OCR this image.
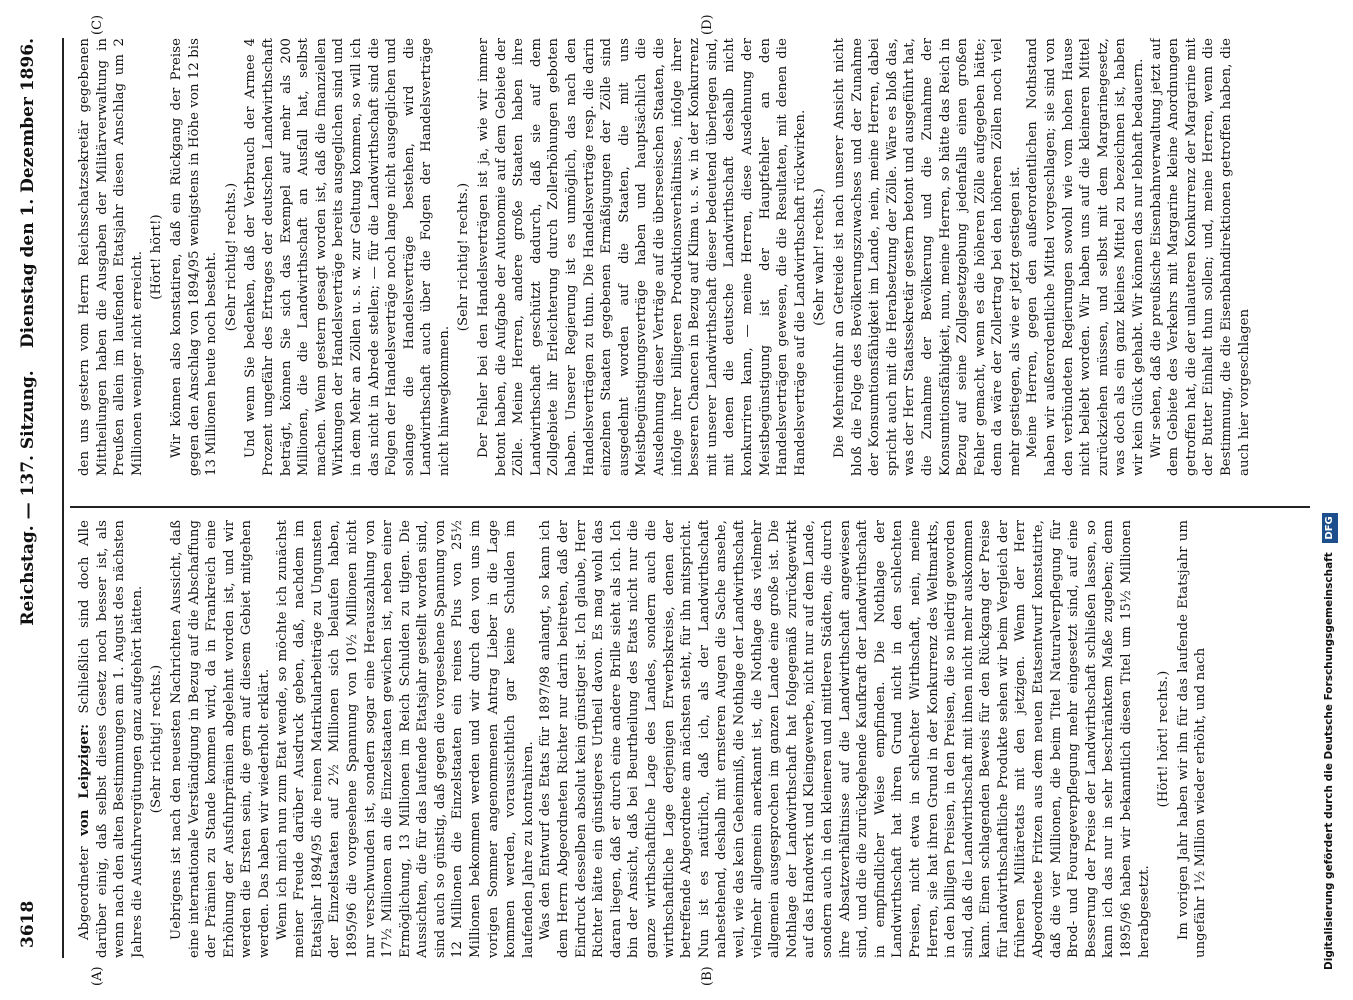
3618
Reichstag. — 137. Sitzung.
Dienstag den 1. Dezember 1896.
(A)	(B)
(C)	(D)

Abgeordneter von Leipziger: Schließlich sind doch Alle darüber einig, daß selbst dieses Gesetz noch besser ist, als wenn nach den alten Bestimmungen am 1. August des nächsten Jahres die Ausfuhrvergütungen ganz aufgehört hätten. (Sehr richtig! rechts.) Uebrigens ist nach den neuesten Nachrichten Aussicht, daß eine internationale Verständigung in Bezug auf die Abschaffung der Prämien zu Stande kommen wird, da in Frankreich eine Erhöhung der Ausfuhrprämien abgelehnt worden ist, und wir werden die Ersten sein, die gern auf diesem Gebiet mitgehen werden. Das haben wir wiederholt erklärt. Wenn ich mich nun zum Etat wende, so möchte ich zunächst meiner Freude darüber Ausdruck geben, daß, nachdem im Etatsjahr 1894/95 die reinen Matrikularbeiträge zu Ungunsten der Einzelstaaten auf 2½ Millionen sich belaufen haben, 1895/96 die vorgesehene Spannung von 10½ Millionen nicht nur verschwunden ist, sondern sogar eine Herauszahlung von 17½ Millionen an die Einzelstaaten gewichen ist, neben einer Ermöglichung, 13 Millionen im Reich Schulden zu tilgen. Die Aussichten, die für das laufende Etatsjahr gestellt worden sind, sind auch so günstig, daß gegen die vorgesehene Spannung von 12 Millionen die Einzelstaaten ein reines Plus von 25½ Millionen bekommen werden und wir durch den von uns im vorigen Sommer angenommenen Antrag Lieber in die Lage kommen werden, voraussichtlich gar keine Schulden im laufenden Jahre zu kontrahiren. Was den Entwurf des Etats für 1897/98 anlangt, so kann ich dem Herrn Abgeordneten Richter nur darin beitreten, daß der Eindruck desselben absolut kein günstiger ist. Ich glaube, Herr Richter hätte ein günstigeres Urtheil davon. Es mag wohl das daran liegen, daß er durch eine andere Brille sieht als ich. Ich bin der Ansicht, daß bei Beurtheilung des Etats nicht nur die ganze wirthschaftliche Lage des Landes, sondern auch die wirthschaftliche Lage derjenigen Erwerbskreise, denen der betreffende Abgeordnete am nächsten steht, für ihn mitspricht. Nun ist es natürlich, daß ich, als der Landwirthschaft nahestehend, deshalb mit ernsteren Augen die Sache ansehe, weil, wie das kein Geheimniß, die Nothlage der Landwirthschaft vielmehr allgemein anerkannt ist, die Nothlage das vielmehr allgemein ausgesprochen im ganzen Lande eine große ist. Die Nothlage der Landwirthschaft hat folgegemäß zurückgewirkt auf das Handwerk und Kleingewerbe, nicht nur auf dem Lande, sondern auch in den kleineren und mittleren Städten, die durch ihre Absatzverhältnisse auf die Landwirthschaft angewiesen sind, und die die zurückgehende Kaufkraft der Landwirthschaft in empfindlicher Weise empfinden. Die Nothlage der Landwirthschaft hat ihren Grund nicht in den schlechten Preisen, nicht etwa in schlechter Wirthschaft, nein, meine Herren, sie hat ihren Grund in der Konkurrenz des Weltmarkts, in den billigen Preisen, in den Preisen, die so niedrig geworden sind, daß die Landwirthschaft mit ihnen nicht mehr auskommen kann. Einen schlagenden Beweis für den Rückgang der Preise für landwirthschaftliche Produkte sehen wir beim Vergleich der früheren Militäretats mit den jetzigen. Wenn der Herr Abgeordnete Fritzen aus dem neuen Etatsentwurf konstatirte, daß die vier Millionen, die beim Titel Naturalverpflegung für Brod- und Fourageverpflegung mehr eingesetzt sind, auf eine Besserung der Preise der Landwirthschaft schließen lassen, so kann ich das nur in sehr beschränktem Maße zugeben; denn 1895/96 haben wir bekanntlich diesen Titel um 15½ Millionen herabgesetzt.

(Hört! hört! rechts.) Im vorigen Jahr haben wir ihn für das laufende Etatsjahr um ungefähr 1½ Million wieder erhöht, und nach

den uns gestern vom Herrn Reichsschatzsekretär gegebenen Mittheilungen haben die Ausgaben der Militärverwaltung in Preußen allein im laufenden Etatsjahr diesen Anschlag um 2 Millionen weniger nicht erreicht. (Hört! hört!) Wir können also konstatiren, daß ein Rückgang der Preise gegen den Anschlag von 1894/95 wenigstens in Höhe von 12 bis 13 Millionen heute noch besteht. (Sehr richtig! rechts.) Und wenn Sie bedenken, daß der Verbrauch der Armee 4 Prozent ungefähr des Ertrages der deutschen Landwirthschaft beträgt, können Sie sich das Exempel auf mehr als 200 Millionen, die die Landwirthschaft an Ausfall hat, selbst machen. Wenn gestern gesagt worden ist, daß die finanziellen Wirkungen der Handelsverträge bereits ausgeglichen sind und in dem Mehr an Zöllen u. s. w. zur Geltung kommen, so will ich das nicht in Abrede stellen; — für die Landwirthschaft sind die Folgen der Handelsverträge noch lange nicht ausgeglichen und solange die Handelsverträge bestehen, wird die Landwirthschaft auch über die Folgen der Handelsverträge nicht hinwegkommen.

(Sehr richtig! rechts.) Der Fehler bei den Handelsverträgen ist ja, wie wir immer betont haben, die Aufgabe der Autonomie auf dem Gebiete der Zölle. Meine Herren, andere große Staaten haben ihre Landwirthschaft geschützt dadurch, daß sie auf dem Zollgebiete ihr Erleichterung durch Zollerhöhungen geboten haben. Unserer Regierung ist es unmöglich, das nach den Handelsverträgen zu thun. Die Handelsverträge resp. die darin einzelnen Staaten gegebenen Ermäßigungen der Zölle sind ausgedehnt worden auf die Staaten, die mit uns Meistbegünstigungsverträge haben und hauptsächlich die Ausdehnung dieser Verträge auf die überseeischen Staaten, die infolge ihrer billigeren Produktionsverhältnisse, infolge ihrer besseren Chancen in Bezug auf Klima u. s. w. in der Konkurrenz mit unserer Landwirthschaft dieser bedeutend überlegen sind, mit denen die deutsche Landwirthschaft deshalb nicht konkurriren kann, — meine Herren, diese Ausdehnung der Meistbegünstigung ist der Hauptfehler an den Handelsverträgen gewesen, die die Resultaten, mit denen die Handelsverträge auf die Landwirthschaft rückwirken. (Sehr wahr! rechts.) Die Mehreinfuhr an Getreide ist nach unserer Ansicht nicht bloß die Folge des Bevölkerungszuwachses und der Zunahme der Konsumtionsfähigkeit im Lande, nein, meine Herren, dabei spricht auch mit die Herabsetzung der Zölle. Wäre es bloß das, was der Herr Staatssekretär gestern betont und ausgeführt hat, die Zunahme der Bevölkerung und die Zunahme der Konsumtionsfähigkeit, nun, meine Herren, so hätte das Reich in Bezug auf seine Zollgesetzgebung jedenfalls einen großen Fehler gemacht, wenn es die höheren Zölle aufgegeben hätte; denn da wäre der Zollertrag bei den höheren Zöllen noch viel mehr gestiegen, als wie er jetzt gestiegen ist. Meine Herren, gegen den außerordentlichen Nothstand haben wir außerordentliche Mittel vorgeschlagen; sie sind von den verbündeten Regierungen sowohl wie vom hohen Hause nicht beliebt worden. Wir haben uns auf die kleineren Mittel zurückziehen müssen, und selbst mit dem Margarinegesetz, was doch als ein ganz kleines Mittel zu bezeichnen ist, haben wir kein Glück gehabt. Wir können das nur lebhaft bedauern. Wir sehen, daß die preußische Eisenbahnverwaltung jetzt auf dem Gebiete des Verkehrs mit Margarine kleine Anordnungen getroffen hat, die der unlauteren Konkurrenz der Margarine mit der Butter Einhalt thun sollen; und, meine Herren, wenn die Bestimmung, die die Eisenbahndirektionen getroffen haben, die auch hier vorgeschlagen

Digitalisierung gefördert durch die Deutsche Forschungsgemeinschaft DFG
